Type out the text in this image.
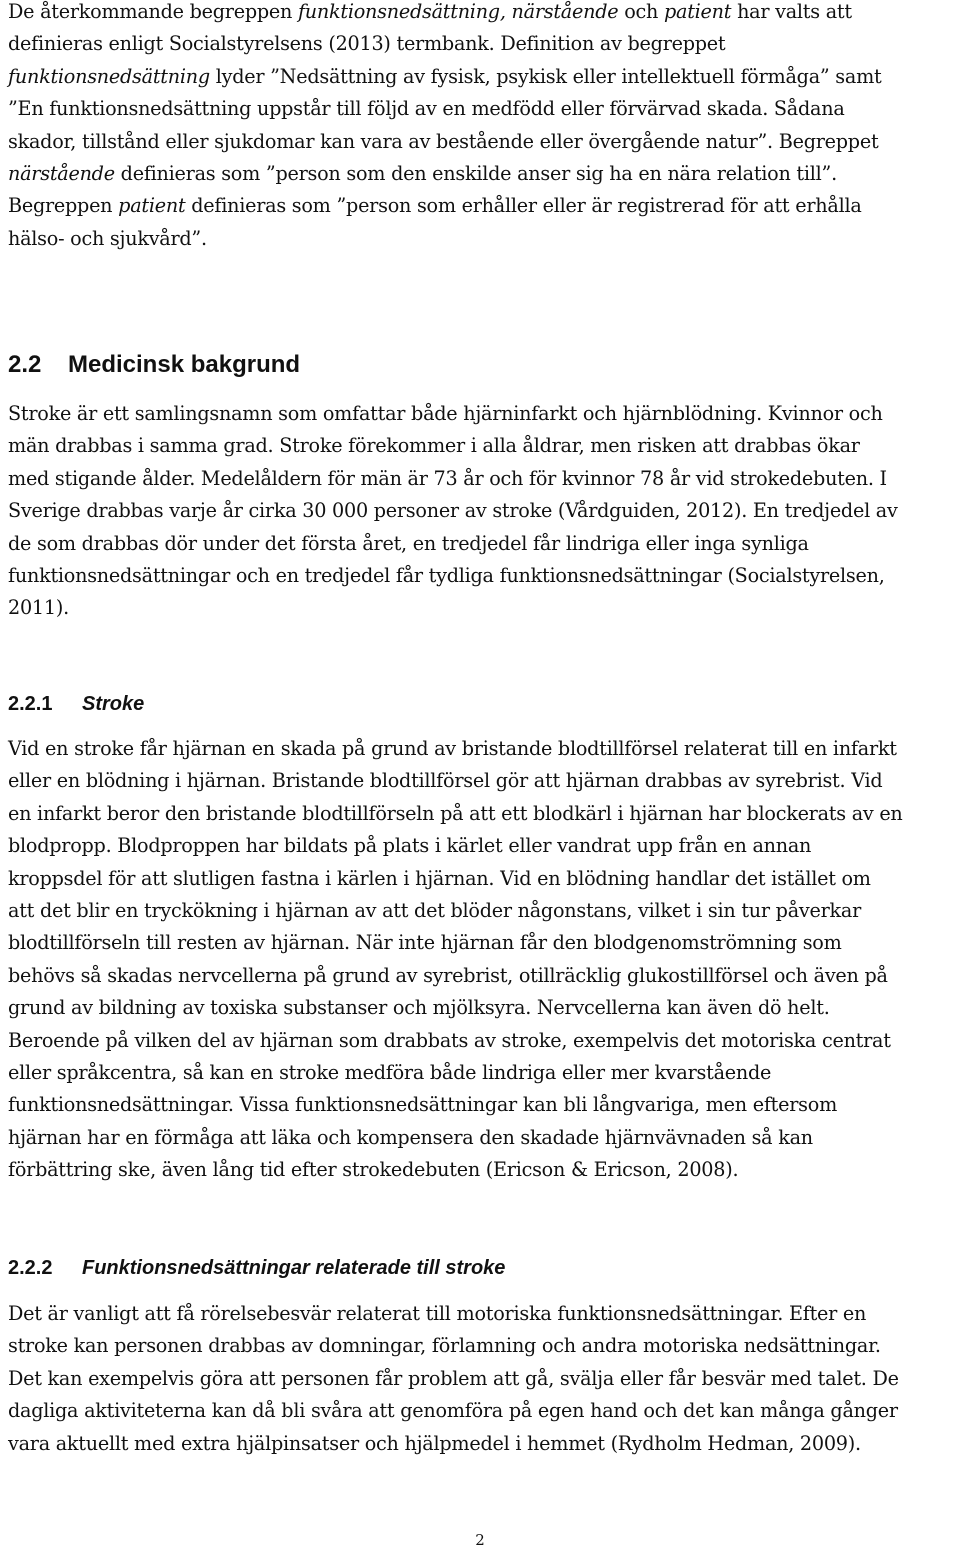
De återkommande begreppen funktionsnedsättning, närstående och patient har valts att
definieras enligt Socialstyrelsens (2013) termbank. Definition av begreppet
funktionsnedsättning lyder ”Nedsättning av fysisk, psykisk eller intellektuell förmåga” samt
”En funktionsnedsättning uppstår till följd av en medfödd eller förvärvad skada. Sådana
skador, tillstånd eller sjukdomar kan vara av bestående eller övergående natur”. Begreppet
närstående definieras som ”person som den enskilde anser sig ha en nära relation till”.
Begreppen patient definieras som ”person som erhåller eller är registrerad för att erhålla
hälso- och sjukvård”.
2.2	Medicinsk bakgrund
Stroke är ett samlingsnamn som omfattar både hjärninfarkt och hjärnblödning. Kvinnor och
män drabbas i samma grad. Stroke förekommer i alla åldrar, men risken att drabbas ökar
med stigande ålder. Medelåldern för män är 73 år och för kvinnor 78 år vid strokedebuten. I
Sverige drabbas varje år cirka 30 000 personer av stroke (Vårdguiden, 2012). En tredjedel av
de som drabbas dör under det första året, en tredjedel får lindriga eller inga synliga
funktionsnedsättningar och en tredjedel får tydliga funktionsnedsättningar (Socialstyrelsen,
2011).
2.2.1	Stroke
Vid en stroke får hjärnan en skada på grund av bristande blodtillförsel relaterat till en infarkt
eller en blödning i hjärnan. Bristande blodtillförsel gör att hjärnan drabbas av syrebrist. Vid
en infarkt beror den bristande blodtillförseln på att ett blodkärl i hjärnan har blockerats av en
blodpropp. Blodproppen har bildats på plats i kärlet eller vandrat upp från en annan
kroppsdel för att slutligen fastna i kärlen i hjärnan. Vid en blödning handlar det istället om
att det blir en tryckökning i hjärnan av att det blöder någonstans, vilket i sin tur påverkar
blodtillförseln till resten av hjärnan. När inte hjärnan får den blodgenomströmning som
behövs så skadas nervcellerna på grund av syrebrist, otillräcklig glukostillförsel och även på
grund av bildning av toxiska substanser och mjölksyra. Nervcellerna kan även dö helt.
Beroende på vilken del av hjärnan som drabbats av stroke, exempelvis det motoriska centrat
eller språkcentra, så kan en stroke medföra både lindriga eller mer kvarstående
funktionsnedsättningar. Vissa funktionsnedsättningar kan bli långvariga, men eftersom
hjärnan har en förmåga att läka och kompensera den skadade hjärnvävnaden så kan
förbättring ske, även lång tid efter strokedebuten (Ericson & Ericson, 2008).
2.2.2	Funktionsnedsättningar relaterade till stroke
Det är vanligt att få rörelsebesvär relaterat till motoriska funktionsnedsättningar. Efter en
stroke kan personen drabbas av domningar, förlamning och andra motoriska nedsättningar.
Det kan exempelvis göra att personen får problem att gå, svälja eller får besvär med talet. De
dagliga aktiviteterna kan då bli svåra att genomföra på egen hand och det kan många gånger
vara aktuellt med extra hjälpinsatser och hjälpmedel i hemmet (Rydholm Hedman, 2009).
2
